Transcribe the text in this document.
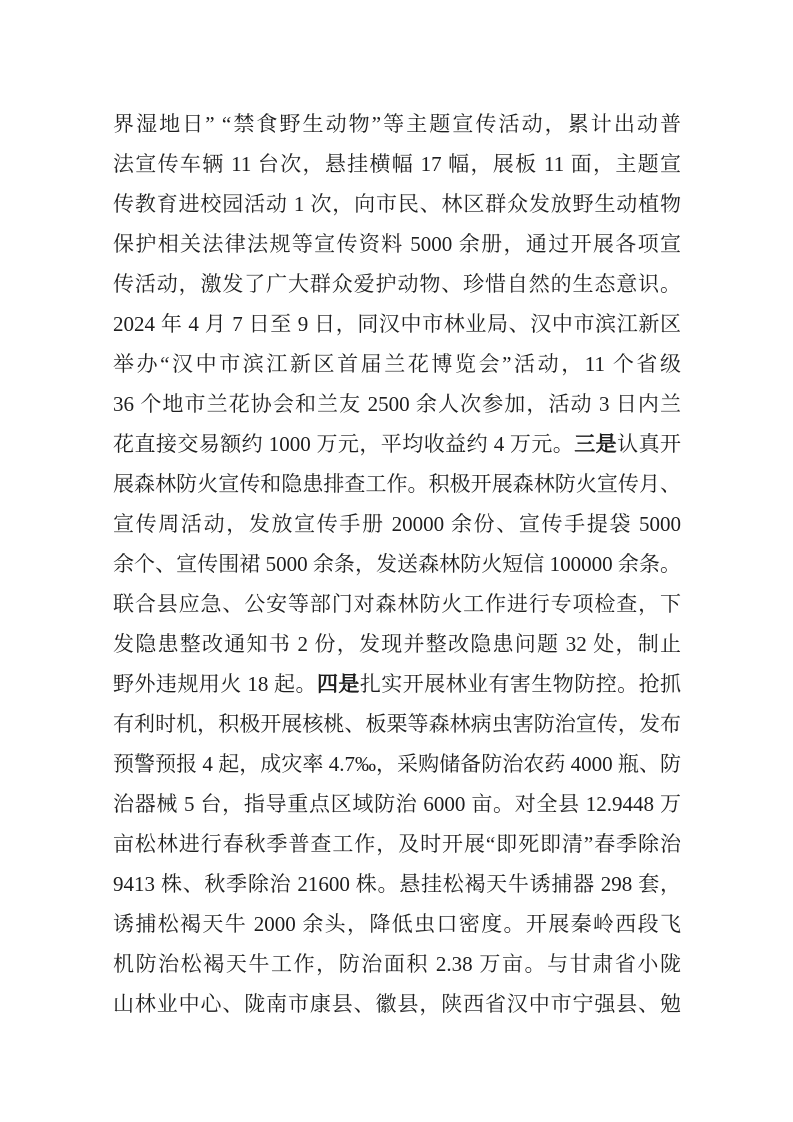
界湿地日” “禁食野生动物”等主题宣传活动，累计出动普
法宣传车辆 11 台次，悬挂横幅 17 幅，展板 11 面，主题宣
传教育进校园活动 1 次，向市民、林区群众发放野生动植物
保护相关法律法规等宣传资料 5000 余册，通过开展各项宣
传活动，激发了广大群众爱护动物、珍惜自然的生态意识。
2024 年 4 月 7 日至 9 日，同汉中市林业局、汉中市滨江新区
举办“汉中市滨江新区首届兰花博览会”活动，11 个省级
36 个地市兰花协会和兰友 2500 余人次参加，活动 3 日内兰
花直接交易额约 1000 万元，平均收益约 4 万元。三是认真开
展森林防火宣传和隐患排查工作。积极开展森林防火宣传月、
宣传周活动，发放宣传手册 20000 余份、宣传手提袋 5000
余个、宣传围裙 5000 余条，发送森林防火短信 100000 余条。
联合县应急、公安等部门对森林防火工作进行专项检查，下
发隐患整改通知书 2 份，发现并整改隐患问题 32 处，制止
野外违规用火 18 起。四是扎实开展林业有害生物防控。抢抓
有利时机，积极开展核桃、板栗等森林病虫害防治宣传，发布
预警预报 4 起，成灾率 4.7‰，采购储备防治农药 4000 瓶、防
治器械 5 台，指导重点区域防治 6000 亩。对全县 12.9448 万
亩松林进行春秋季普查工作，及时开展“即死即清”春季除治
9413 株、秋季除治 21600 株。悬挂松褐天牛诱捕器 298 套，
诱捕松褐天牛 2000 余头，降低虫口密度。开展秦岭西段飞
机防治松褐天牛工作，防治面积 2.38 万亩。与甘肃省小陇
山林业中心、陇南市康县、徽县，陕西省汉中市宁强县、勉
